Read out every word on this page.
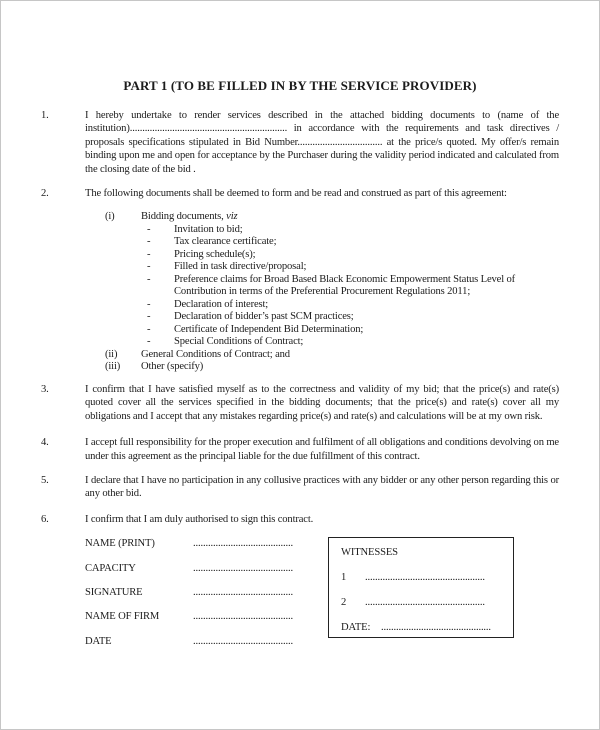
PART 1 (TO BE FILLED IN BY THE SERVICE PROVIDER)
1.	I hereby undertake to render services described in the attached bidding documents to (name of the institution)............................................................... in accordance with the requirements and task directives / proposals specifications stipulated in Bid Number.................................. at the price/s quoted. My offer/s remain binding upon me and open for acceptance by the Purchaser during the validity period indicated and calculated from the closing date of the bid .
2.	The following documents shall be deemed to form and be read and construed as part of this agreement:
(i)	Bidding documents, viz
-	Invitation to bid;
-	Tax clearance certificate;
-	Pricing schedule(s);
-	Filled in task directive/proposal;
-	Preference claims for Broad Based Black Economic Empowerment Status Level of Contribution in terms of the Preferential Procurement Regulations 2011;
-	Declaration of interest;
-	Declaration of bidder’s past SCM practices;
-	Certificate of Independent Bid Determination;
-	Special Conditions of Contract;
(ii)	General Conditions of Contract; and
(iii)	Other (specify)
3.	I confirm that I have satisfied myself as to the correctness and validity of my bid; that the price(s) and rate(s) quoted cover all the services specified in the bidding documents; that the price(s) and rate(s) cover all my obligations and I accept that any mistakes regarding price(s) and rate(s) and calculations will be at my own risk.
4.	I accept full responsibility for the proper execution and fulfilment of all obligations and conditions devolving on me under this agreement as the principal liable for the due fulfillment of this contract.
5.	I declare that I have no participation in any collusive practices with any bidder or any other person regarding this or any other bid.
6.	I confirm that I am duly authorised to sign this contract.
NAME (PRINT)	........................................
CAPACITY	........................................
SIGNATURE	........................................
NAME OF FIRM	........................................
DATE	........................................
WITNESSES
1	................................................
2	................................................
DATE:	............................................
